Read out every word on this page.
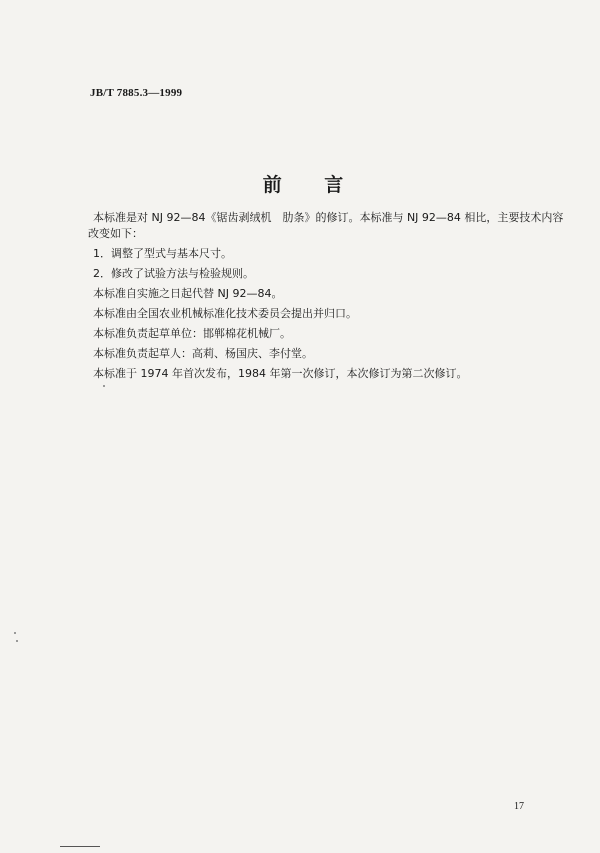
JB/T 7885.3—1999
前 言
本标准是对 NJ 92—84《锯齿剥绒机　肋条》的修订。本标准与 NJ 92—84 相比，主要技术内容
改变如下：
1．调整了型式与基本尺寸。
2．修改了试验方法与检验规则。
本标准自实施之日起代替 NJ 92—84。
本标准由全国农业机械标准化技术委员会提出并归口。
本标准负责起草单位：邯郸棉花机械厂。
本标准负责起草人：高莉、杨国庆、李付堂。
本标准于 1974 年首次发布，1984 年第一次修订，本次修订为第二次修订。
17
